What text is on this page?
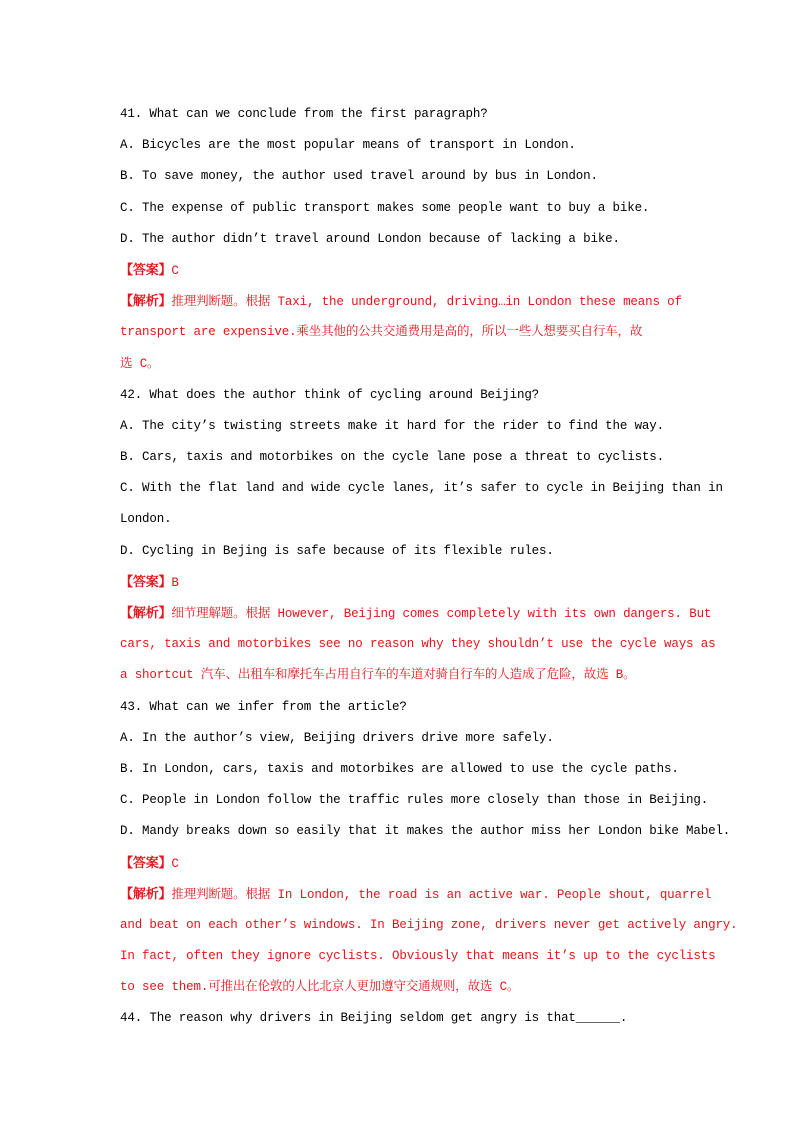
41. What can we conclude from the first paragraph?
A. Bicycles are the most popular means of transport in London.
B. To save money, the author used travel around by bus in London.
C. The expense of public transport makes some people want to buy a bike.
D. The author didn’t travel around London because of lacking a bike.
【答案】C
【解析】推理判断题。根据 Taxi, the underground, driving…in London these means of
transport are expensive.乘坐其他的公共交通费用是高的，所以一些人想要买自行车，故
选 C。
42. What does the author think of cycling around Beijing?
A. The city’s twisting streets make it hard for the rider to find the way.
B. Cars, taxis and motorbikes on the cycle lane pose a threat to cyclists.
C. With the flat land and wide cycle lanes, it’s safer to cycle in Beijing than in
London.
D. Cycling in Bejing is safe because of its flexible rules.
【答案】B
【解析】细节理解题。根据 However, Beijing comes completely with its own dangers. But
cars, taxis and motorbikes see no reason why they shouldn’t use the cycle ways as
a shortcut 汽车、出租车和摩托车占用自行车的车道对骑自行车的人造成了危险，故选 B。
43. What can we infer from the article?
A. In the author’s view, Beijing drivers drive more safely.
B. In London, cars, taxis and motorbikes are allowed to use the cycle paths.
C. People in London follow the traffic rules more closely than those in Beijing.
D. Mandy breaks down so easily that it makes the author miss her London bike Mabel.
【答案】C
【解析】推理判断题。根据 In London, the road is an active war. People shout, quarrel
and beat on each other’s windows. In Beijing zone, drivers never get actively angry.
In fact, often they ignore cyclists. Obviously that means it’s up to the cyclists
to see them.可推出在伦敦的人比北京人更加遵守交通规则，故选 C。
44. The reason why drivers in Beijing seldom get angry is that______.
